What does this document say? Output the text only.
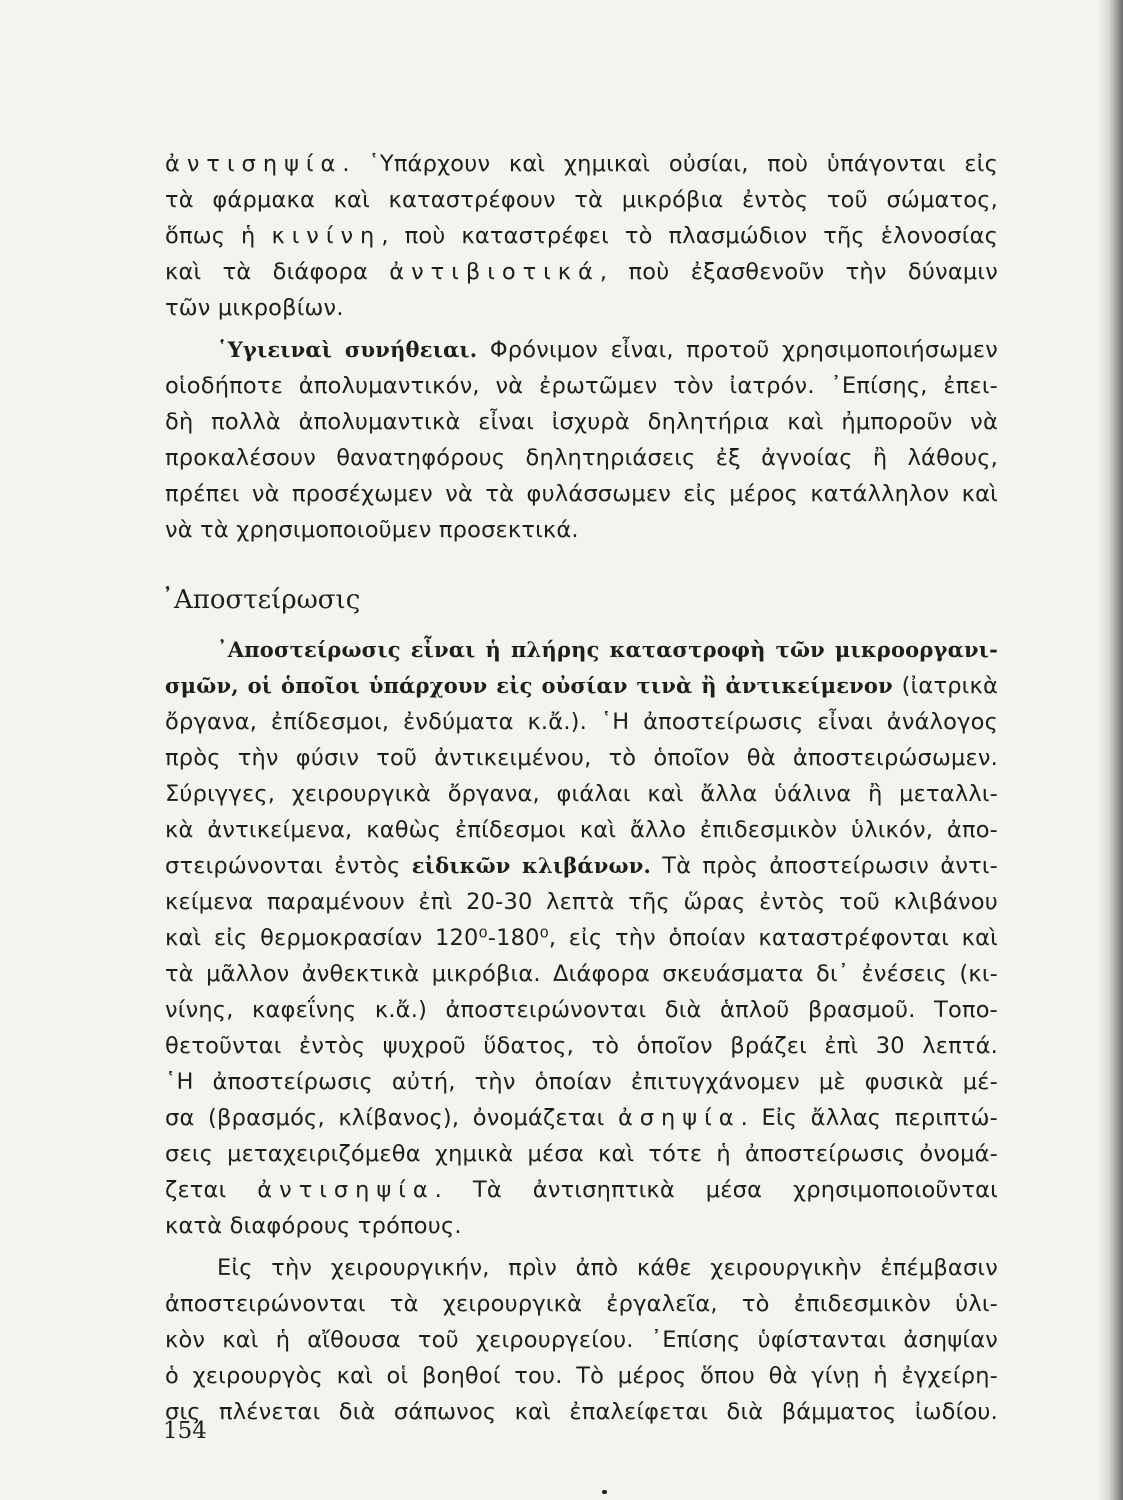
ἀντισηψία. ῾Υπάρχουν καὶ χημικαὶ οὐσίαι, ποὺ ὑπάγονται εἰς
τὰ φάρμακα καὶ καταστρέφουν τὰ μικρόβια ἐντὸς τοῦ σώματος,
ὅπως ἡ κινίνη, ποὺ καταστρέφει τὸ πλασμώδιον τῆς ἑλονοσίας
καὶ τὰ διάφορα ἀντιβιοτικά, ποὺ ἐξασθενοῦν τὴν δύναμιν
τῶν μικροβίων.
῾Υγιειναὶ συνήθειαι. Φρόνιμον εἶναι, προτοῦ χρησιμοποιήσωμεν
οἱοδήποτε ἀπολυμαντικόν, νὰ ἐρωτῶμεν τὸν ἰατρόν. ᾿Επίσης, ἐπει-
δὴ πολλὰ ἀπολυμαντικὰ εἶναι ἰσχυρὰ δηλητήρια καὶ ἠμποροῦν νὰ
προκαλέσουν θανατηφόρους δηλητηριάσεις ἐξ ἀγνοίας ἢ λάθους,
πρέπει νὰ προσέχωμεν νὰ τὰ φυλάσσωμεν εἰς μέρος κατάλληλον καὶ
νὰ τὰ χρησιμοποιοῦμεν προσεκτικά.
᾿Αποστείρωσις
᾿Αποστείρωσις εἶναι ἡ πλήρης καταστροφὴ τῶν μικροοργανι-
σμῶν, οἱ ὁποῖοι ὑπάρχουν εἰς οὐσίαν τινὰ ἢ ἀντικείμενον (ἰατρικὰ
ὄργανα, ἐπίδεσμοι, ἐνδύματα κ.ἄ.). ῾Η ἀποστείρωσις εἶναι ἀνάλογος
πρὸς τὴν φύσιν τοῦ ἀντικειμένου, τὸ ὁποῖον θὰ ἀποστειρώσωμεν.
Σύριγγες, χειρουργικὰ ὄργανα, φιάλαι καὶ ἄλλα ὑάλινα ἢ μεταλλι-
κὰ ἀντικείμενα, καθὼς ἐπίδεσμοι καὶ ἄλλο ἐπιδεσμικὸν ὑλικόν, ἀπο-
στειρώνονται ἐντὸς εἰδικῶν κλιβάνων. Τὰ πρὸς ἀποστείρωσιν ἀντι-
κείμενα παραμένουν ἐπὶ 20-30 λεπτὰ τῆς ὥρας ἐντὸς τοῦ κλιβάνου
καὶ εἰς θερμοκρασίαν 120⁰-180⁰, εἰς τὴν ὁποίαν καταστρέφονται καὶ
τὰ μᾶλλον ἀνθεκτικὰ μικρόβια. Διάφορα σκευάσματα δι᾿ ἐνέσεις (κι-
νίνης, καφεΐνης κ.ἄ.) ἀποστειρώνονται διὰ ἁπλοῦ βρασμοῦ. Τοπο-
θετοῦνται ἐντὸς ψυχροῦ ὕδατος, τὸ ὁποῖον βράζει ἐπὶ 30 λεπτά.
῾Η ἀποστείρωσις αὐτή, τὴν ὁποίαν ἐπιτυγχάνομεν μὲ φυσικὰ μέ-
σα (βρασμός, κλίβανος), ὀνομάζεται ἀσηψία. Εἰς ἄλλας περιπτώ-
σεις μεταχειριζόμεθα χημικὰ μέσα καὶ τότε ἡ ἀποστείρωσις ὀνομά-
ζεται ἀντισηψία. Τὰ ἀντισηπτικὰ μέσα χρησιμοποιοῦνται
κατὰ διαφόρους τρόπους.
Εἰς τὴν χειρουργικήν, πρὶν ἀπὸ κάθε χειρουργικὴν ἐπέμβασιν
ἀποστειρώνονται τὰ χειρουργικὰ ἐργαλεῖα, τὸ ἐπιδεσμικὸν ὑλι-
κὸν καὶ ἡ αἴθουσα τοῦ χειρουργείου. ᾿Επίσης ὑφίστανται ἀσηψίαν
ὁ χειρουργὸς καὶ οἱ βοηθοί του. Τὸ μέρος ὅπου θὰ γίνῃ ἡ ἐγχείρη-
σις πλένεται διὰ σάπωνος καὶ ἐπαλείφεται διὰ βάμματος ἰωδίου.
154
